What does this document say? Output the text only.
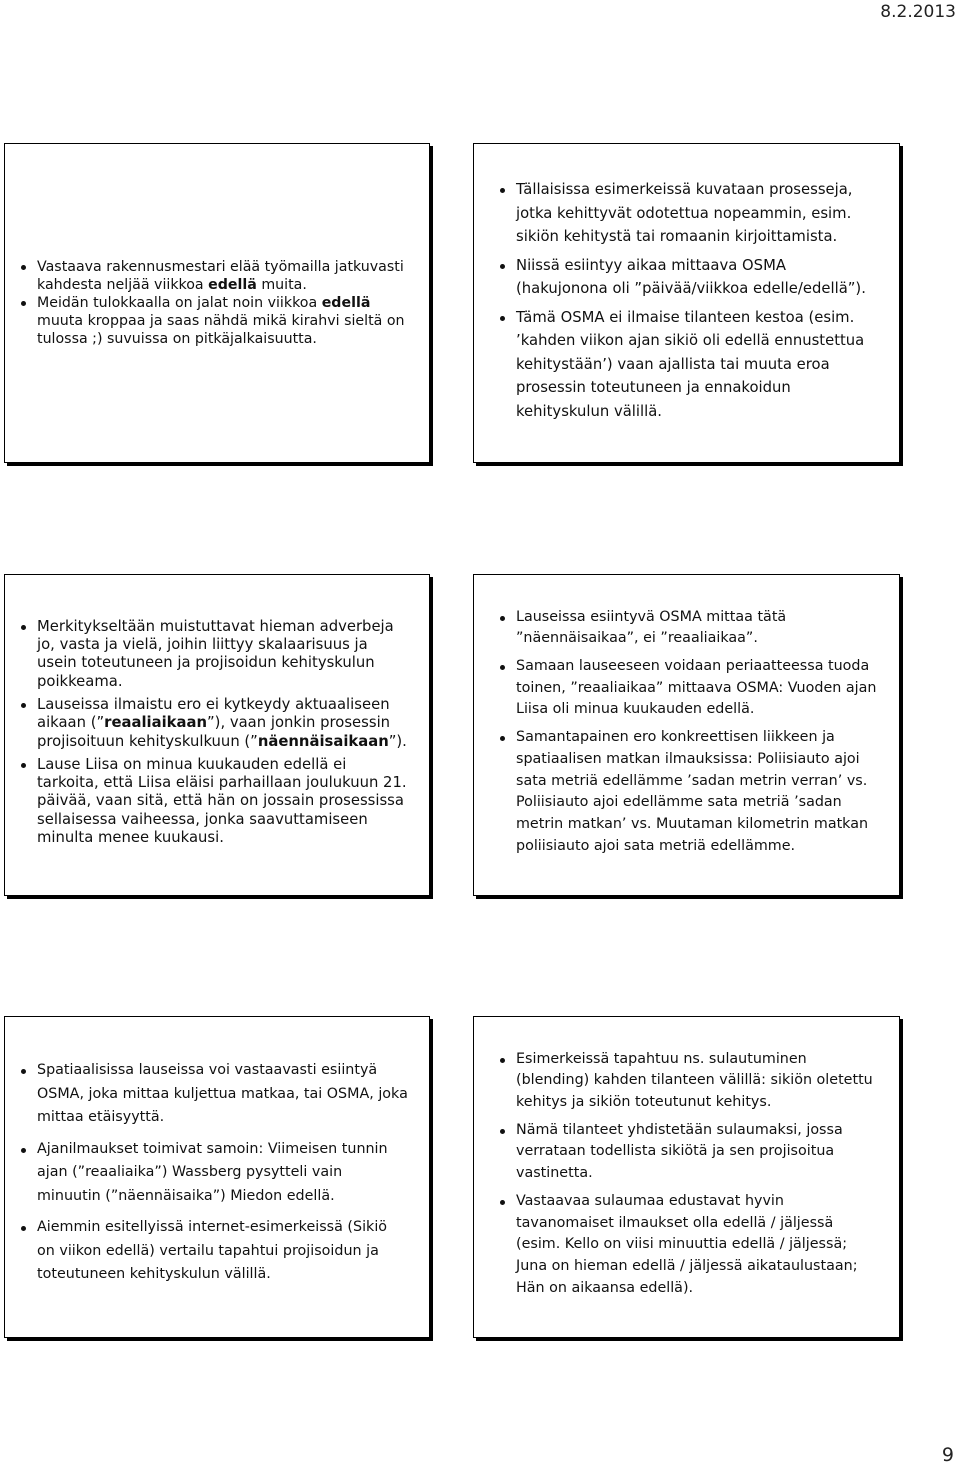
8.2.2013
Vastaava rakennusmestari elää työmailla jatkuvasti kahdesta neljää viikkoa edellä muita.
Meidän tulokkaalla on jalat noin viikkoa edellä muuta kroppaa ja saas nähdä mikä kirahvi sieltä on tulossa ;) suvuissa on pitkäjalkaisuutta.
Tällaisissa esimerkeissä kuvataan prosesseja, jotka kehittyvät odotettua nopeammin, esim. sikiön kehitystä tai romaanin kirjoittamista.
Niissä esiintyy aikaa mittaava OSMA (hakujonona oli ”päivää/viikkoa edelle/edellä”).
Tämä OSMA ei ilmaise tilanteen kestoa (esim. ’kahden viikon ajan sikiö oli edellä ennustettua kehitystään’) vaan ajallista tai muuta eroa prosessin toteutuneen ja ennakoidun kehityskulun välillä.
Merkitykseltään muistuttavat hieman adverbeja jo, vasta ja vielä, joihin liittyy skalaarisuus ja usein toteutuneen ja projisoidun kehityskulun poikkeama.
Lauseissa ilmaistu ero ei kytkeydy aktuaaliseen aikaan (”reaaliaikaan”), vaan jonkin prosessin projisoituun kehityskulkuun (”näennäisaikaan”).
Lause Liisa on minua kuukauden edellä ei tarkoita, että Liisa eläisi parhaillaan joulukuun 21. päivää, vaan sitä, että hän on jossain prosessissa sellaisessa vaiheessa, jonka saavuttamiseen minulta menee kuukausi.
Lauseissa esiintyvä OSMA mittaa tätä ”näennäisaikaa”, ei ”reaaliaikaa”.
Samaan lauseeseen voidaan periaatteessa tuoda toinen, ”reaaliaikaa” mittaava OSMA: Vuoden ajan Liisa oli minua kuukauden edellä.
Samantapainen ero konkreettisen liikkeen ja spatiaalisen matkan ilmauksissa: Poliisiauto ajoi sata metriä edellämme ’sadan metrin verran’ vs. Poliisiauto ajoi edellämme sata metriä ’sadan metrin matkan’ vs. Muutaman kilometrin matkan poliisiauto ajoi sata metriä edellämme.
Spatiaalisissa lauseissa voi vastaavasti esiintyä OSMA, joka mittaa kuljettua matkaa, tai OSMA, joka mittaa etäisyyttä.
Ajanilmaukset toimivat samoin: Viimeisen tunnin ajan (”reaaliaika”) Wassberg pysytteli vain minuutin (”näennäisaika”) Miedon edellä.
Aiemmin esitellyissä internet-esimerkeissä (Sikiö on viikon edellä) vertailu tapahtui projisoidun ja toteutuneen kehityskulun välillä.
Esimerkeissä tapahtuu ns. sulautuminen (blending) kahden tilanteen välillä: sikiön oletettu kehitys ja sikiön toteutunut kehitys.
Nämä tilanteet yhdistetään sulaumaksi, jossa verrataan todellista sikiötä ja sen projisoitua vastinetta.
Vastaavaa sulaumaa edustavat hyvin tavanomaiset ilmaukset olla edellä / jäljessä (esim. Kello on viisi minuuttia edellä / jäljessä; Juna on hieman edellä / jäljessä aikataulustaan; Hän on aikaansa edellä).
9
